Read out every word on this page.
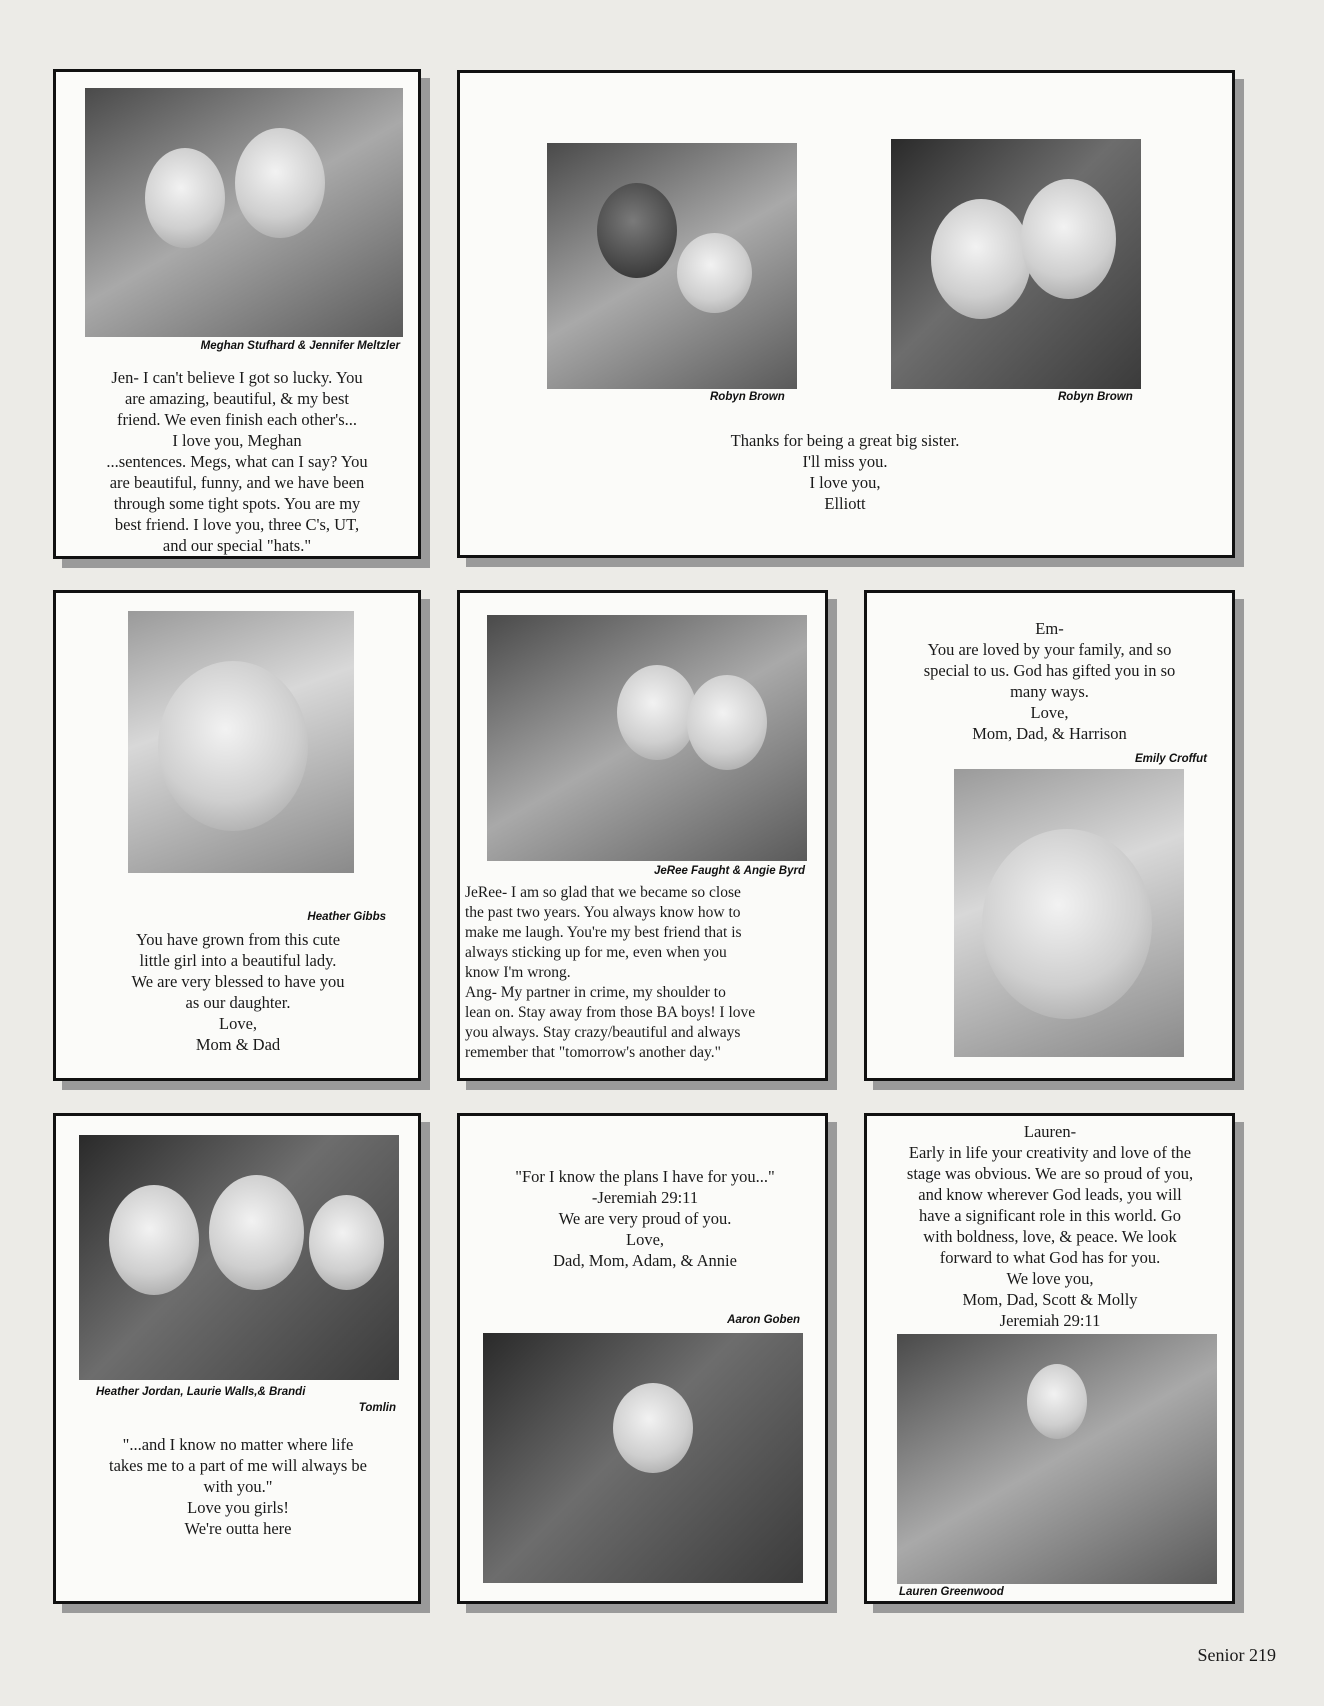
Meghan Stufhard & Jennifer Meltzler
Jen- I can't believe I got so lucky. You
are amazing, beautiful, & my best
friend. We even finish each other's...
I love you, Meghan
...sentences. Megs, what can I say? You
are beautiful, funny, and we have been
through some tight spots. You are my
best friend. I love you, three C's, UT,
and our special "hats."
Robyn Brown	Robyn Brown
Thanks for being a great big sister.
I'll miss you.
I love you,
Elliott
Heather Gibbs
You have grown from this cute
little girl into a beautiful lady.
We are very blessed to have you
as our daughter.
Love,
Mom & Dad
JeRee Faught & Angie Byrd
JeRee- I am so glad that we became so close
the past two years. You always know how to
make me laugh. You're my best friend that is
always sticking up for me, even when you
know I'm wrong.
Ang- My partner in crime, my shoulder to
lean on. Stay away from those BA boys! I love
you always. Stay crazy/beautiful and always
remember that "tomorrow's another day."
Em-
You are loved by your family, and so
special to us. God has gifted you in so
many ways.
Love,
Mom, Dad, & Harrison
Emily Croffut
Heather Jordan, Laurie Walls,& Brandi
Tomlin
"...and I know no matter where life
takes me to a part of me will always be
with you."
Love you girls!
We're outta here
"For I know the plans I have for you..."
-Jeremiah 29:11
We are very proud of you.
Love,
Dad, Mom, Adam, & Annie
Aaron Goben
Lauren-
Early in life your creativity and love of the
stage was obvious. We are so proud of you,
and know wherever God leads, you will
have a significant role in this world. Go
with boldness, love, & peace. We look
forward to what God has for you.
We love you,
Mom, Dad, Scott & Molly
Jeremiah 29:11
Lauren Greenwood
Senior 219
